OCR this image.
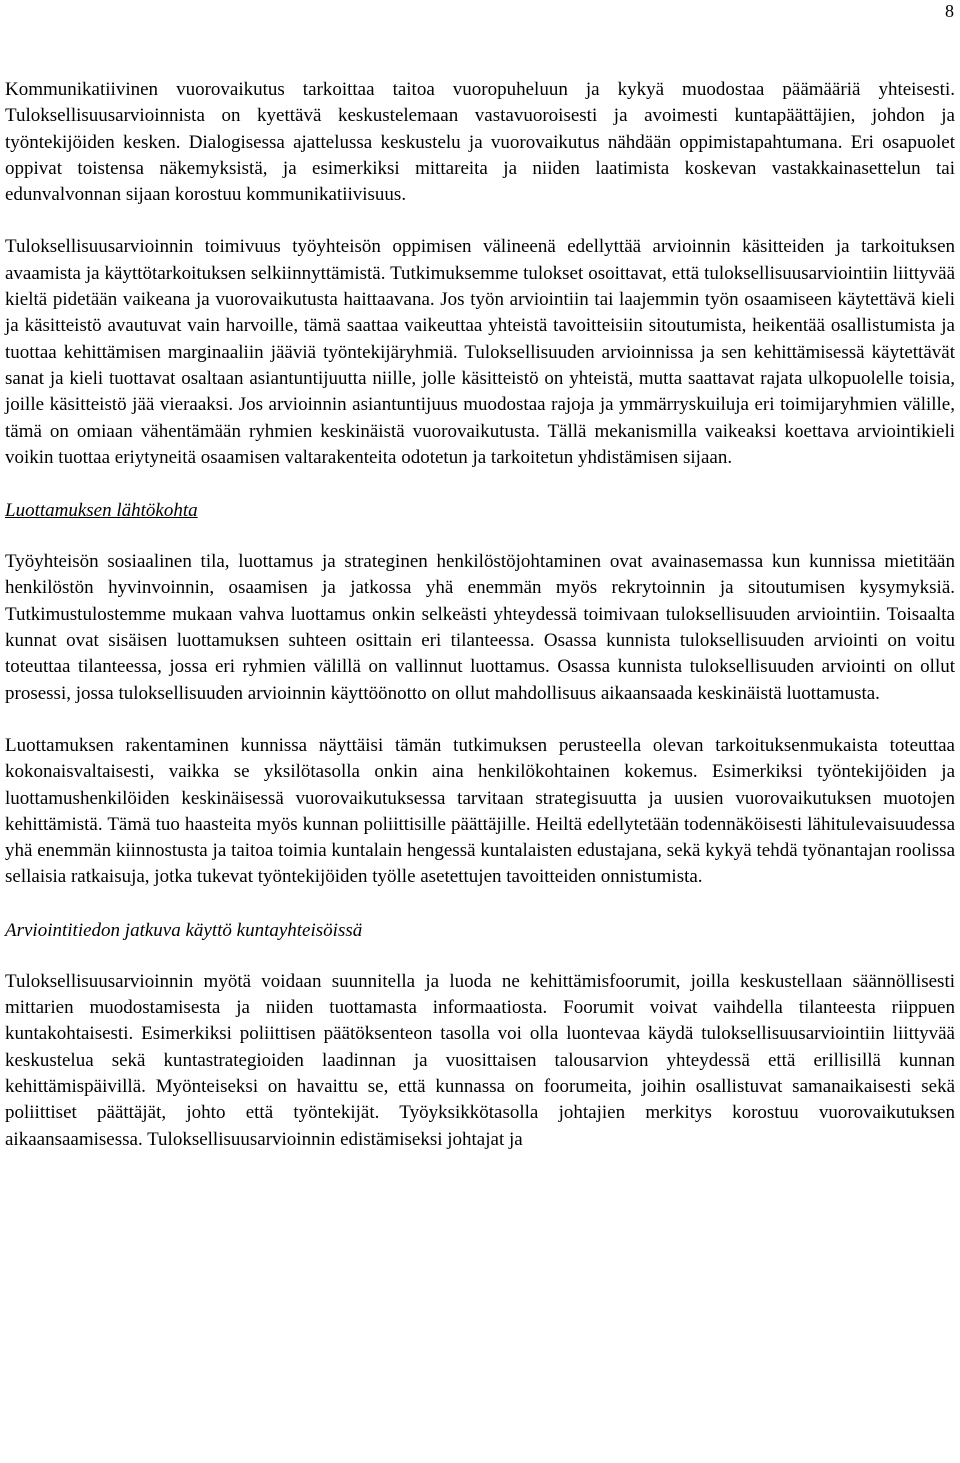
8

Kommunikatiivinen vuorovaikutus tarkoittaa taitoa vuoropuheluun ja kykyä muodostaa päämääriä yhteisesti. Tuloksellisuusarvioinnista on kyettävä keskustelemaan vastavuoroisesti ja avoimesti kuntapäättäjien, johdon ja työntekijöiden kesken. Dialogisessa ajattelussa keskustelu ja vuorovaikutus nähdään oppimistapahtumana. Eri osapuolet oppivat toistensa näkemyksistä, ja esimerkiksi mittareita ja niiden laatimista koskevan vastakkainasettelun tai edunvalvonnan sijaan korostuu kommunikatiivisuus.

Tuloksellisuusarvioinnin toimivuus työyhteisön oppimisen välineenä edellyttää arvioinnin käsitteiden ja tarkoituksen avaamista ja käyttötarkoituksen selkiinnyttämistä. Tutkimuksemme tulokset osoittavat, että tuloksellisuusarviointiin liittyvää kieltä pidetään vaikeana ja vuorovaikutusta haittaavana. Jos työn arviointiin tai laajemmin työn osaamiseen käytettävä kieli ja käsitteistö avautuvat vain harvoille, tämä saattaa vaikeuttaa yhteistä tavoitteisiin sitoutumista, heikentää osallistumista ja tuottaa kehittämisen marginaaliin jääviä työntekijäryhmiä. Tuloksellisuuden arvioinnissa ja sen kehittämisessä käytettävät sanat ja kieli tuottavat osaltaan asiantuntijuutta niille, jolle käsitteistö on yhteistä, mutta saattavat rajata ulkopuolelle toisia, joille käsitteistö jää vieraaksi. Jos arvioinnin asiantuntijuus muodostaa rajoja ja ymmärryskuiluja eri toimijaryhmien välille, tämä on omiaan vähentämään ryhmien keskinäistä vuorovaikutusta. Tällä mekanismilla vaikeaksi koettava arviointikieli voikin tuottaa eriytyneitä osaamisen valtarakenteita odotetun ja tarkoitetun yhdistämisen sijaan.

Luottamuksen lähtökohta

Työyhteisön sosiaalinen tila, luottamus ja strateginen henkilöstöjohtaminen ovat avainasemassa kun kunnissa mietitään henkilöstön hyvinvoinnin, osaamisen ja jatkossa yhä enemmän myös rekrytoinnin ja sitoutumisen kysymyksiä. Tutkimustulostemme mukaan vahva luottamus onkin selkeästi yhteydessä toimivaan tuloksellisuuden arviointiin. Toisaalta kunnat ovat sisäisen luottamuksen suhteen osittain eri tilanteessa. Osassa kunnista tuloksellisuuden arviointi on voitu toteuttaa tilanteessa, jossa eri ryhmien välillä on vallinnut luottamus. Osassa kunnista tuloksellisuuden arviointi on ollut prosessi, jossa tuloksellisuuden arvioinnin käyttöönotto on ollut mahdollisuus aikaansaada keskinäistä luottamusta.

Luottamuksen rakentaminen kunnissa näyttäisi tämän tutkimuksen perusteella olevan tarkoituksenmukaista toteuttaa kokonaisvaltaisesti, vaikka se yksilötasolla onkin aina henkilökohtainen kokemus. Esimerkiksi työntekijöiden ja luottamushenkilöiden keskinäisessä vuorovaikutuksessa tarvitaan strategisuutta ja uusien vuorovaikutuksen muotojen kehittämistä. Tämä tuo haasteita myös kunnan poliittisille päättäjille. Heiltä edellytetään todennäköisesti lähitulevaisuudessa yhä enemmän kiinnostusta ja taitoa toimia kuntalain hengessä kuntalaisten edustajana, sekä kykyä tehdä työnantajan roolissa sellaisia ratkaisuja, jotka tukevat työntekijöiden työlle asetettujen tavoitteiden onnistumista.

Arviointitiedon jatkuva käyttö kuntayhteisöissä

Tuloksellisuusarvioinnin myötä voidaan suunnitella ja luoda ne kehittämisfoorumit, joilla keskustellaan säännöllisesti mittarien muodostamisesta ja niiden tuottamasta informaatiosta. Foorumit voivat vaihdella tilanteesta riippuen kuntakohtaisesti. Esimerkiksi poliittisen päätöksenteon tasolla voi olla luontevaa käydä tuloksellisuusarviointiin liittyvää keskustelua sekä kuntastrategioiden laadinnan ja vuosittaisen talousarvion yhteydessä että erillisillä kunnan kehittämispäivillä. Myönteiseksi on havaittu se, että kunnassa on foorumeita, joihin osallistuvat samanaikaisesti sekä poliittiset päättäjät, johto että työntekijät. Työyksikkötasolla johtajien merkitys korostuu vuorovaikutuksen aikaansaamisessa. Tuloksellisuusarvioinnin edistämiseksi johtajat ja
